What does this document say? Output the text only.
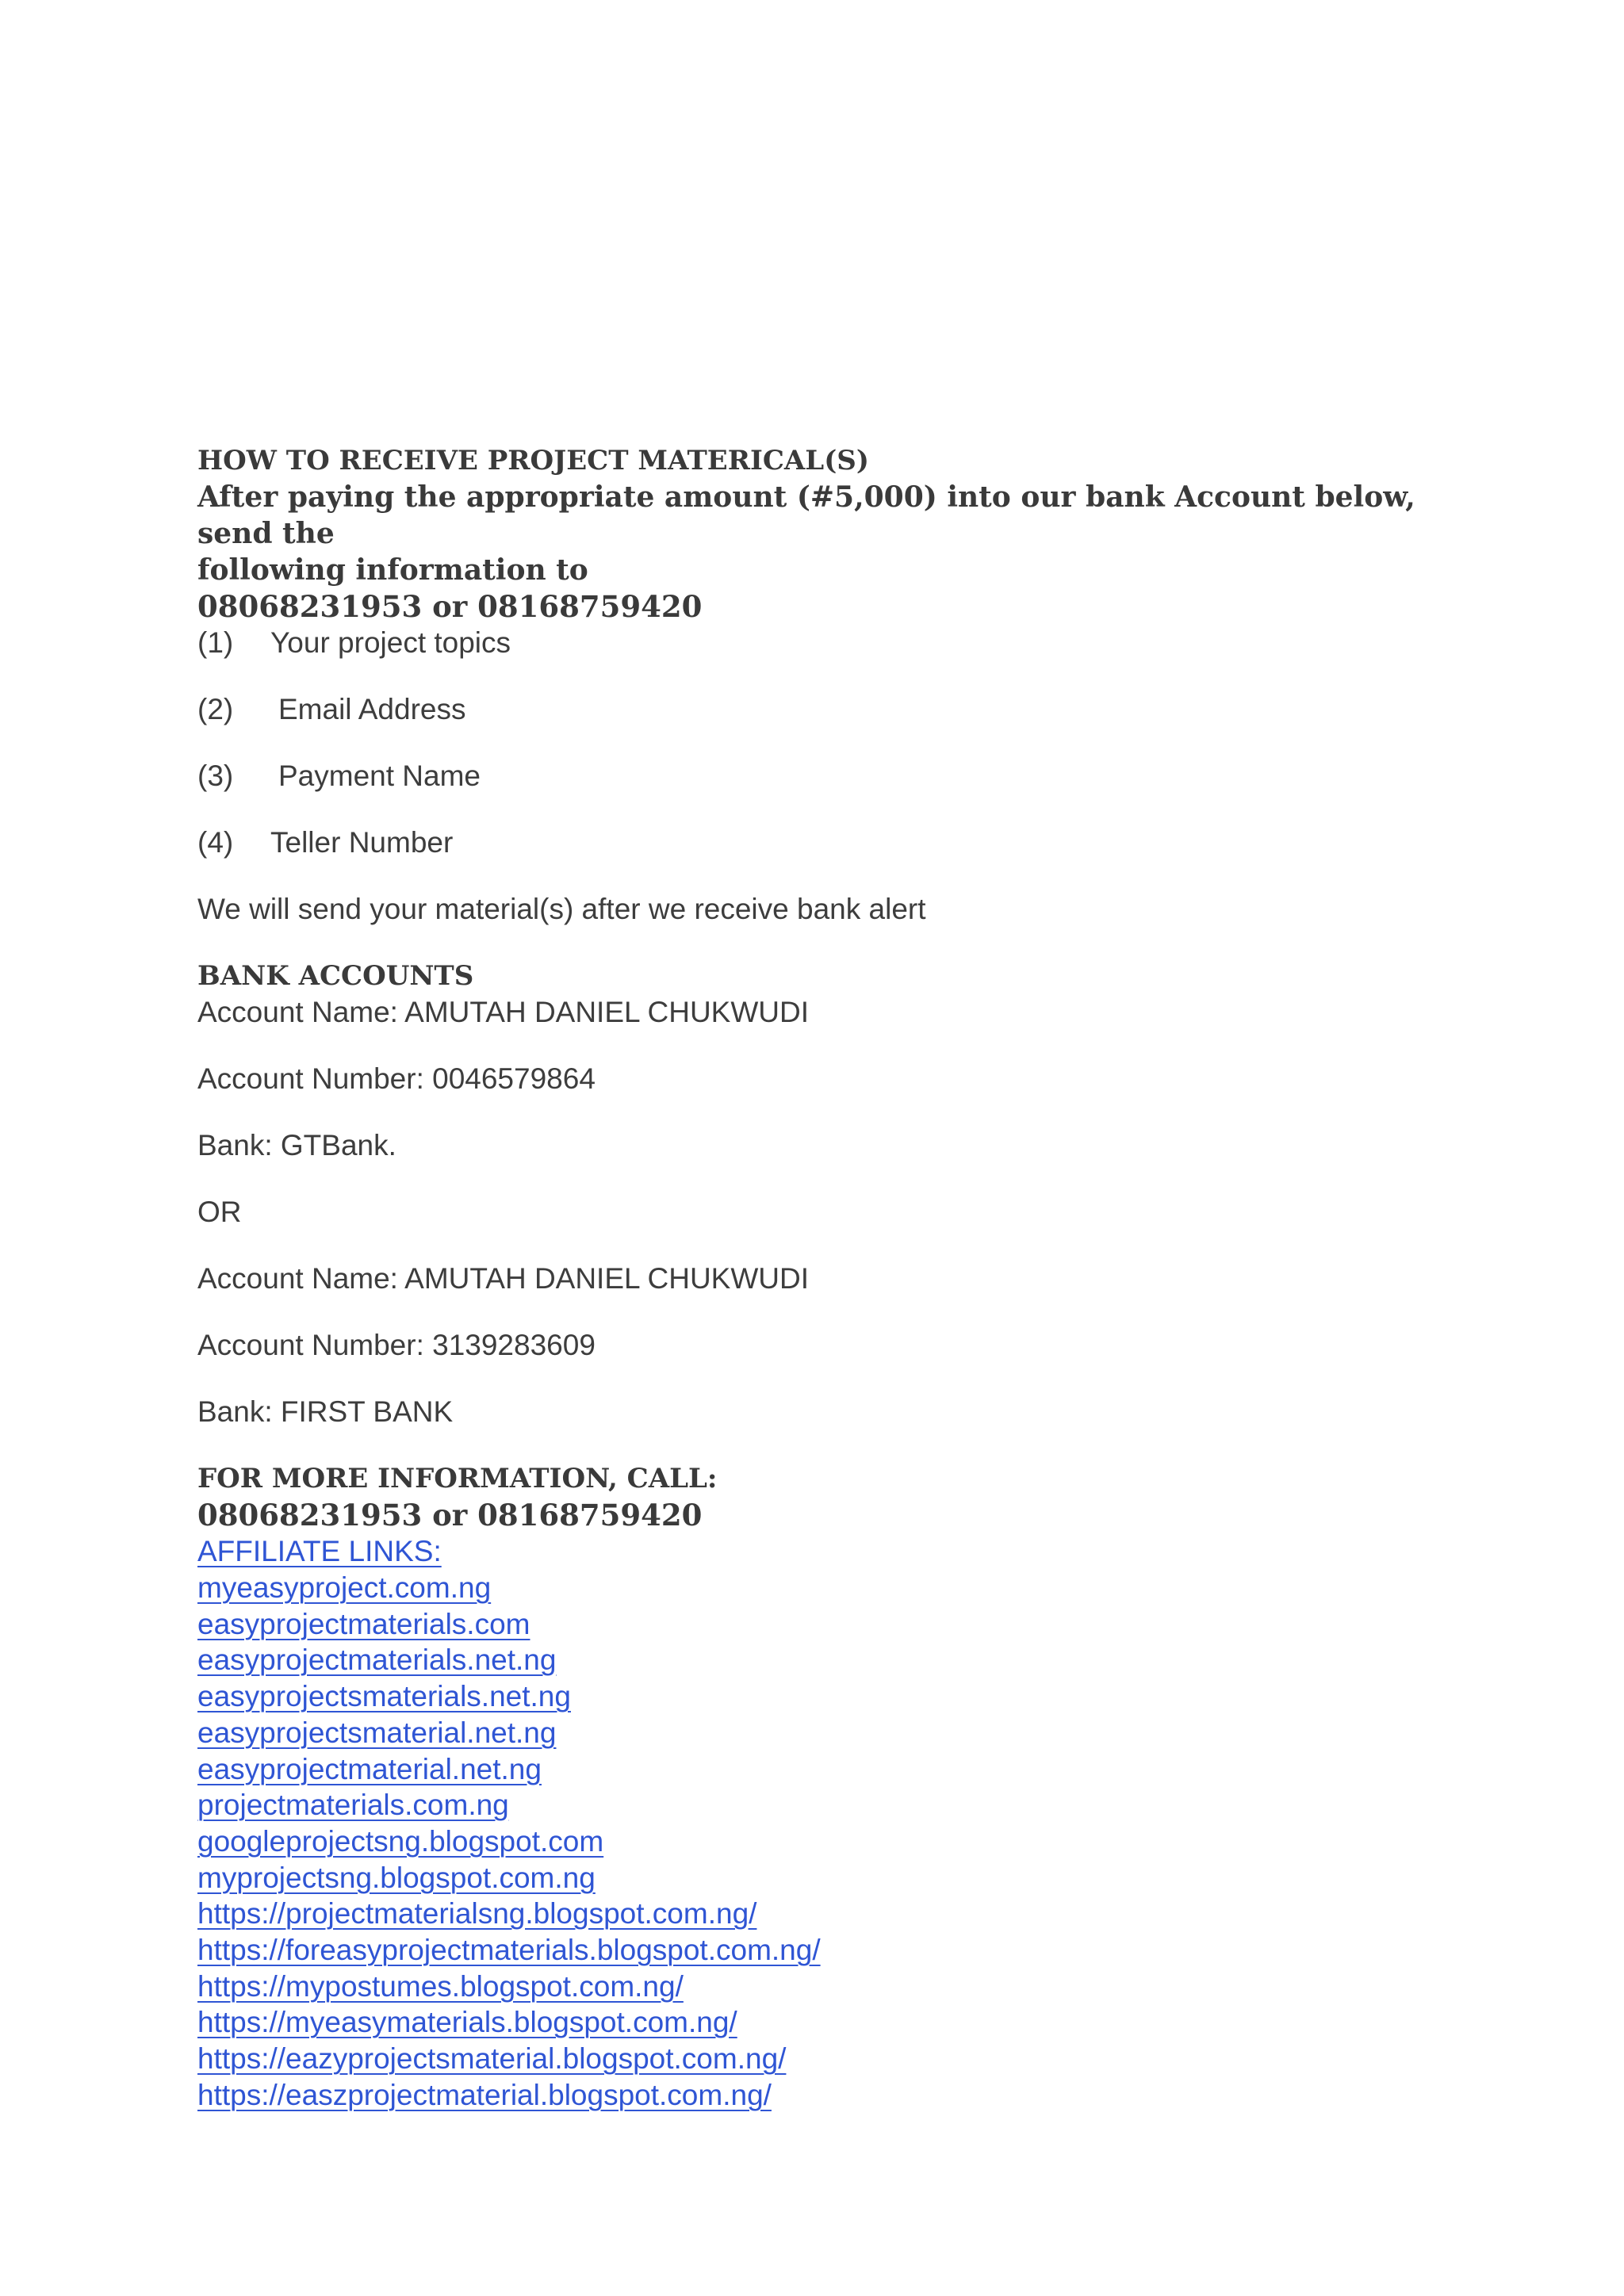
HOW TO RECEIVE PROJECT MATERICAL(S)

After paying the appropriate amount (#5,000) into our bank Account below, send the

following information to

08068231953 or 08168759420

(1)	Your project topics
(2)	Email Address
(3)	Payment Name
(4)	Teller Number
We will send your material(s) after we receive bank alert

BANK ACCOUNTS

Account Name: AMUTAH DANIEL CHUKWUDI
Account Number: 0046579864
Bank: GTBank.
OR
Account Name: AMUTAH DANIEL CHUKWUDI
Account Number: 3139283609
Bank: FIRST BANK

FOR MORE INFORMATION, CALL:

08068231953 or 08168759420

AFFILIATE LINKS:
myeasyproject.com.ng
easyprojectmaterials.com
easyprojectmaterials.net.ng
easyprojectsmaterials.net.ng
easyprojectsmaterial.net.ng
easyprojectmaterial.net.ng
projectmaterials.com.ng
googleprojectsng.blogspot.com
myprojectsng.blogspot.com.ng
https://projectmaterialsng.blogspot.com.ng/
https://foreasyprojectmaterials.blogspot.com.ng/
https://mypostumes.blogspot.com.ng/
https://myeasymaterials.blogspot.com.ng/
https://eazyprojectsmaterial.blogspot.com.ng/
https://easzprojectmaterial.blogspot.com.ng/
